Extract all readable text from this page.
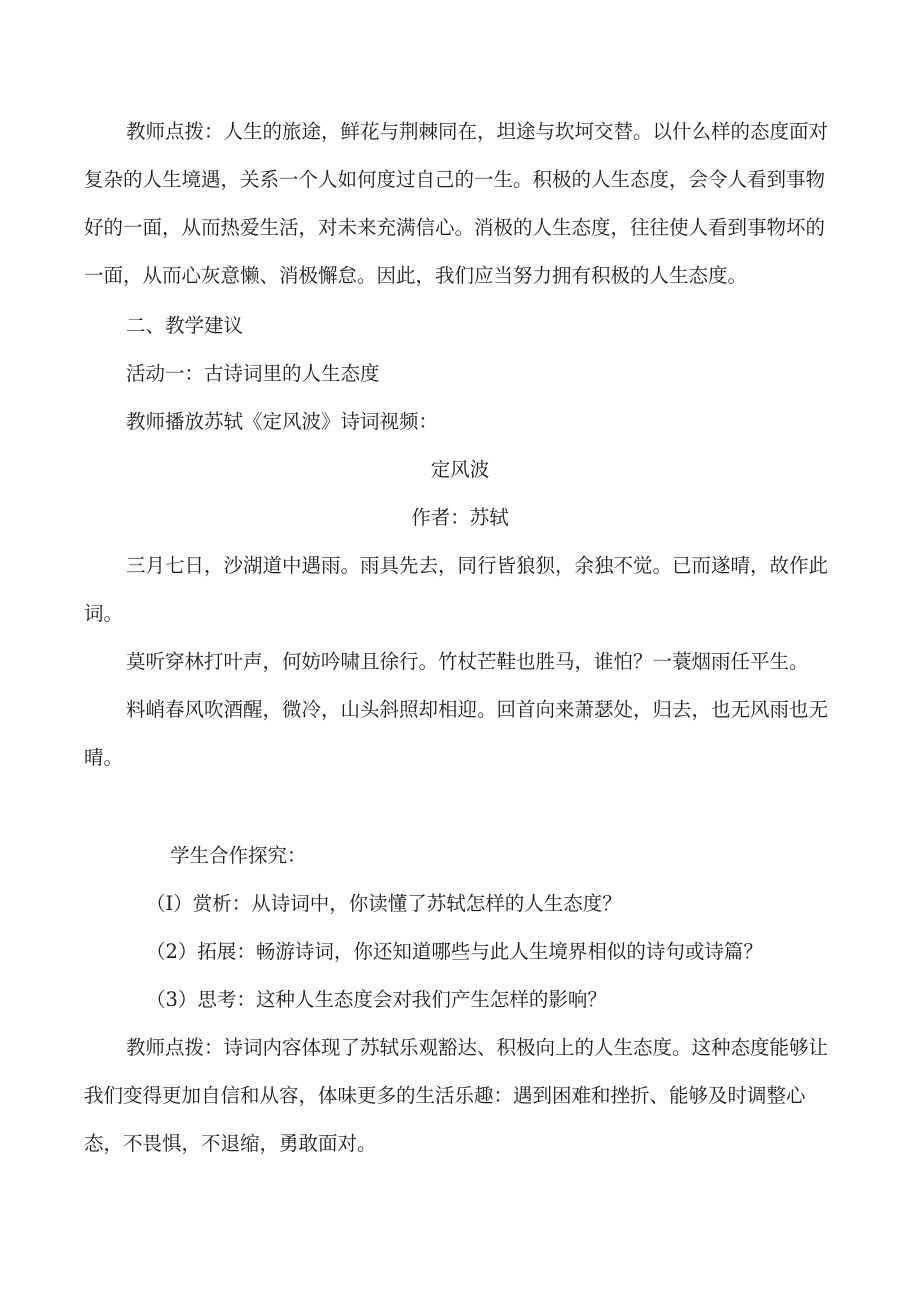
教师点拨：人生的旅途，鲜花与荆棘同在，坦途与坎坷交替。以什么样的态度面对复杂的人生境遇，关系一个人如何度过自己的一生。积极的人生态度，会令人看到事物好的一面，从而热爱生活，对未来充满信心。消极的人生态度，往往使人看到事物坏的一面，从而心灰意懒、消极懈怠。因此，我们应当努力拥有积极的人生态度。

二、教学建议

活动一：古诗词里的人生态度

教师播放苏轼《定风波》诗词视频：

定风波

作者：苏轼

三月七日，沙湖道中遇雨。雨具先去，同行皆狼狈，余独不觉。已而遂晴，故作此词。

莫听穿林打叶声，何妨吟啸且徐行。竹杖芒鞋也胜马，谁怕？一蓑烟雨任平生。

料峭春风吹酒醒，微冷，山头斜照却相迎。回首向来萧瑟处，归去，也无风雨也无晴。

学生合作探究：

（I）赏析：从诗词中，你读懂了苏轼怎样的人生态度？

（2）拓展：畅游诗词，你还知道哪些与此人生境界相似的诗句或诗篇？

（3）思考：这种人生态度会对我们产生怎样的影响？

教师点拨：诗词内容体现了苏轼乐观豁达、积极向上的人生态度。这种态度能够让我们变得更加自信和从容，体味更多的生活乐趣：遇到困难和挫折、能够及时调整心态，不畏惧，不退缩，勇敢面对。
